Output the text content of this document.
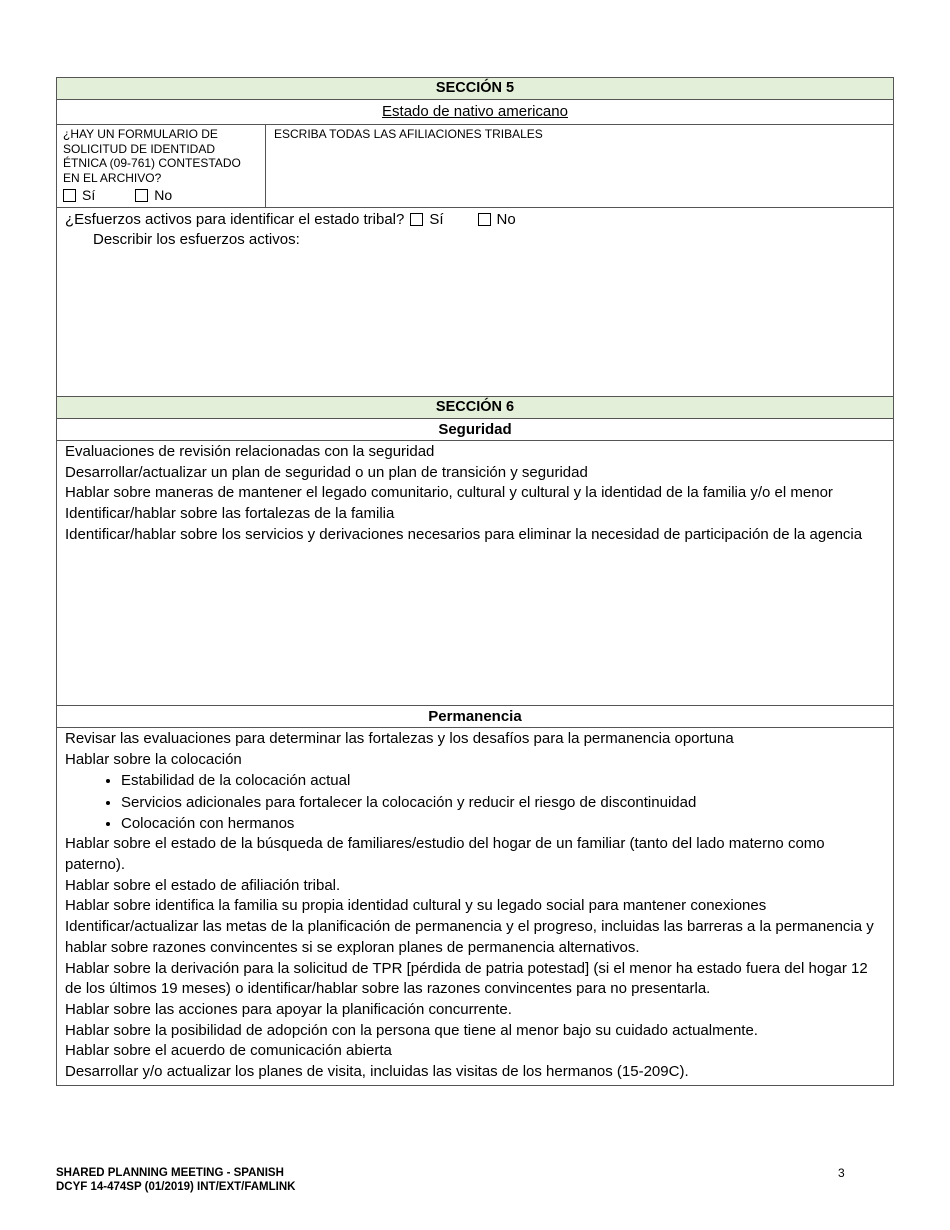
SECCIÓN 5
Estado de nativo americano
¿HAY UN FORMULARIO DE SOLICITUD DE IDENTIDAD ÉTNICA (09-761) CONTESTADO EN EL ARCHIVO?
Sí	No
ESCRIBA TODAS LAS AFILIACIONES TRIBALES
¿Esfuerzos activos para identificar el estado tribal? Sí	No
Describir los esfuerzos activos:
SECCIÓN 6
Seguridad
Evaluaciones de revisión relacionadas con la seguridad
Desarrollar/actualizar un plan de seguridad o un plan de transición y seguridad
Hablar sobre maneras de mantener el legado comunitario, cultural y cultural y la identidad de la familia y/o el menor
Identificar/hablar sobre las fortalezas de la familia
Identificar/hablar sobre los servicios y derivaciones necesarios para eliminar la necesidad de participación de la agencia
Permanencia
Revisar las evaluaciones para determinar las fortalezas y los desafíos para la permanencia oportuna
Hablar sobre la colocación
• Estabilidad de la colocación actual
• Servicios adicionales para fortalecer la colocación y reducir el riesgo de discontinuidad
• Colocación con hermanos
Hablar sobre el estado de la búsqueda de familiares/estudio del hogar de un familiar (tanto del lado materno como paterno).
Hablar sobre el estado de afiliación tribal.
Hablar sobre identifica la familia su propia identidad cultural y su legado social para mantener conexiones
Identificar/actualizar las metas de la planificación de permanencia y el progreso, incluidas las barreras a la permanencia y hablar sobre razones convincentes si se exploran planes de permanencia alternativos.
Hablar sobre la derivación para la solicitud de TPR [pérdida de patria potestad] (si el menor ha estado fuera del hogar 12 de los últimos 19 meses) o identificar/hablar sobre las razones convincentes para no presentarla.
Hablar sobre las acciones para apoyar la planificación concurrente.
Hablar sobre la posibilidad de adopción con la persona que tiene al menor bajo su cuidado actualmente.
Hablar sobre el acuerdo de comunicación abierta
Desarrollar y/o actualizar los planes de visita, incluidas las visitas de los hermanos (15-209C).
SHARED PLANNING MEETING - SPANISH
DCYF 14-474SP (01/2019) INT/EXT/FAMLINK
3
